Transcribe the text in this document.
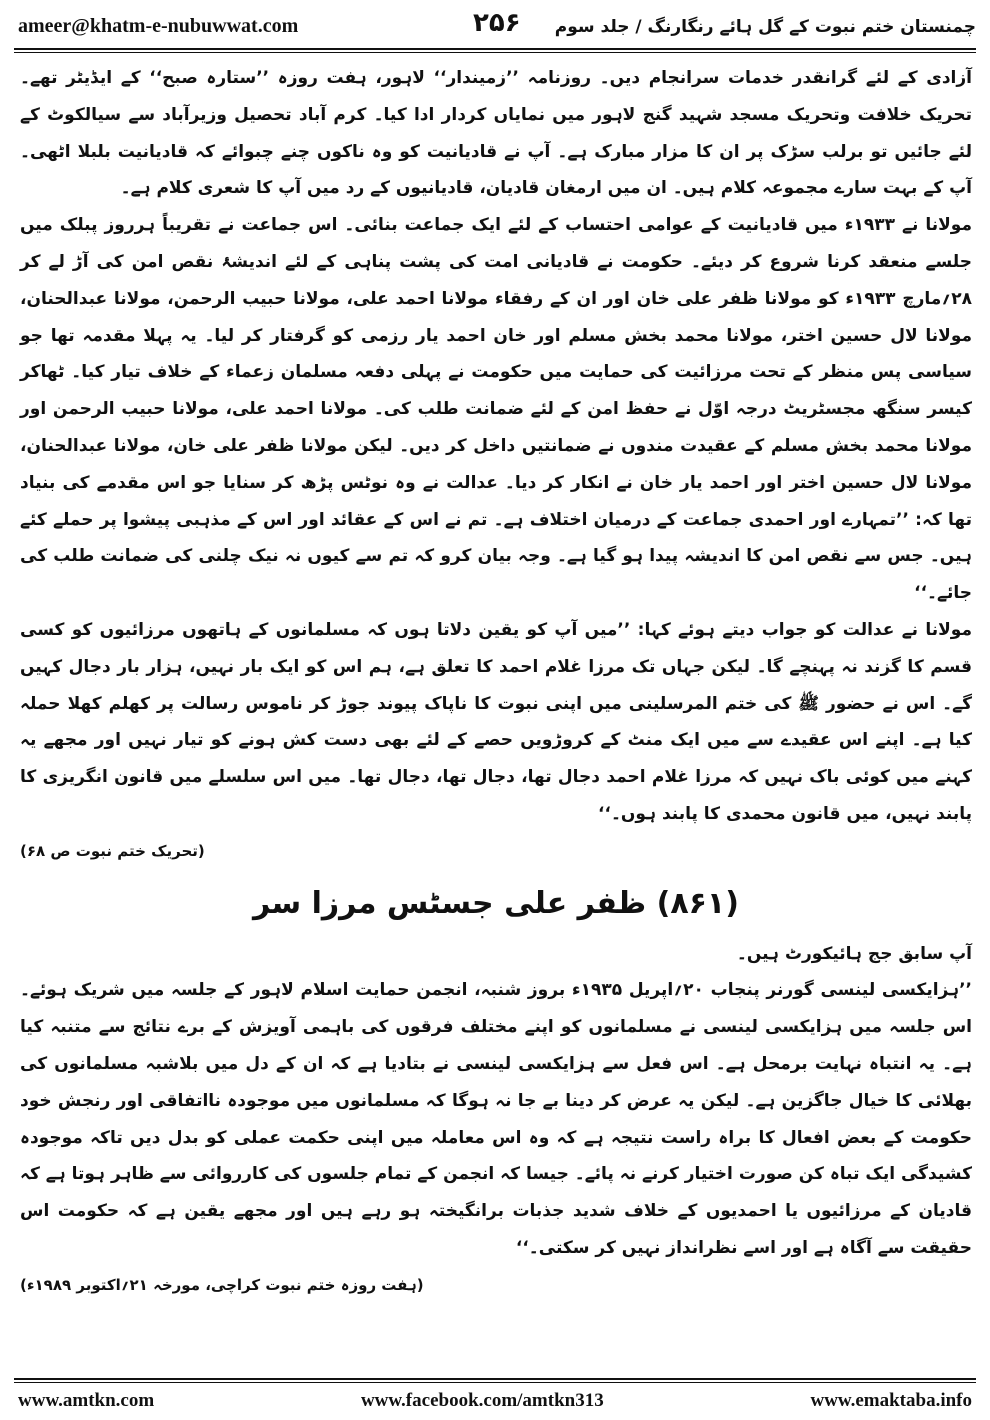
ameer@khatm-e-nubuwwat.com	۲۵۶ چمنستان ختم نبوت کے گل ہائے رنگارنگ / جلد سوم

آزادی کے لئے گرانقدر خدمات سرانجام دیں۔ روزنامہ ’’زمیندار‘‘ لاہور، ہفت روزہ ’’ستارہ صبح‘‘ کے ایڈیٹر تھے۔ تحریک خلافت وتحریک مسجد شہید گنج لاہور میں نمایاں کردار ادا کیا۔ کرم آباد تحصیل وزیرآباد سے سیالکوٹ کے لئے جائیں تو برلب سڑک پر ان کا مزار مبارک ہے۔ آپ نے قادیانیت کو وہ ناکوں چنے چبوائے کہ قادیانیت بلبلا اٹھی۔ آپ کے بہت سارے مجموعہ کلام ہیں۔ ان میں ارمغان قادیان، قادیانیوں کے رد میں آپ کا شعری کلام ہے۔

مولانا نے ۱۹۳۳ء میں قادیانیت کے عوامی احتساب کے لئے ایک جماعت بنائی۔ اس جماعت نے تقریباً ہرروز پبلک میں جلسے منعقد کرنا شروع کر دیئے۔ حکومت نے قادیانی امت کی پشت پناہی کے لئے اندیشۂ نقص امن کی آڑ لے کر ۲۸؍مارچ ۱۹۳۳ء کو مولانا ظفر علی خان اور ان کے رفقاء مولانا احمد علی، مولانا حبیب الرحمن، مولانا عبدالحنان، مولانا لال حسین اختر، مولانا محمد بخش مسلم اور خان احمد یار رزمی کو گرفتار کر لیا۔ یہ پہلا مقدمہ تھا جو سیاسی پس منظر کے تحت مرزائیت کی حمایت میں حکومت نے پہلی دفعہ مسلمان زعماء کے خلاف تیار کیا۔ ٹھاکر کیسر سنگھ مجسٹریٹ درجہ اوّل نے حفظ امن کے لئے ضمانت طلب کی۔ مولانا احمد علی، مولانا حبیب الرحمن اور مولانا محمد بخش مسلم کے عقیدت مندوں نے ضمانتیں داخل کر دیں۔ لیکن مولانا ظفر علی خان، مولانا عبدالحنان، مولانا لال حسین اختر اور احمد یار خان نے انکار کر دیا۔ عدالت نے وہ نوٹس پڑھ کر سنایا جو اس مقدمے کی بنیاد تھا کہ: ’’تمہارے اور احمدی جماعت کے درمیان اختلاف ہے۔ تم نے اس کے عقائد اور اس کے مذہبی پیشوا پر حملے کئے ہیں۔ جس سے نقص امن کا اندیشہ پیدا ہو گیا ہے۔ وجہ بیان کرو کہ تم سے کیوں نہ نیک چلنی کی ضمانت طلب کی جائے۔‘‘

مولانا نے عدالت کو جواب دیتے ہوئے کہا: ’’میں آپ کو یقین دلاتا ہوں کہ مسلمانوں کے ہاتھوں مرزائیوں کو کسی قسم کا گزند نہ پہنچے گا۔ لیکن جہاں تک مرزا غلام احمد کا تعلق ہے، ہم اس کو ایک بار نہیں، ہزار بار دجال کہیں گے۔ اس نے حضور ﷺ کی ختم المرسلینی میں اپنی نبوت کا ناپاک پیوند جوڑ کر ناموس رسالت پر کھلم کھلا حملہ کیا ہے۔ اپنے اس عقیدے سے میں ایک منٹ کے کروڑویں حصے کے لئے بھی دست کش ہونے کو تیار نہیں اور مجھے یہ کہنے میں کوئی باک نہیں کہ مرزا غلام احمد دجال تھا، دجال تھا، دجال تھا۔ میں اس سلسلے میں قانون انگریزی کا پابند نہیں، میں قانون محمدی کا پابند ہوں۔‘‘

(تحریک ختم نبوت ص ۶۸)
(۸۶۱) ظفر علی جسٹس مرزا سر

آپ سابق جج ہائیکورٹ ہیں۔

’’ہزایکسی لینسی گورنر پنجاب ۲۰؍اپریل ۱۹۳۵ء بروز شنبہ، انجمن حمایت اسلام لاہور کے جلسہ میں شریک ہوئے۔ اس جلسہ میں ہزایکسی لینسی نے مسلمانوں کو اپنے مختلف فرقوں کی باہمی آویزش کے برے نتائج سے متنبہ کیا ہے۔ یہ انتباہ نہایت برمحل ہے۔ اس فعل سے ہزایکسی لینسی نے بتادیا ہے کہ ان کے دل میں بلاشبہ مسلمانوں کی بھلائی کا خیال جاگزین ہے۔ لیکن یہ عرض کر دینا بے جا نہ ہوگا کہ مسلمانوں میں موجودہ نااتفاقی اور رنجش خود حکومت کے بعض افعال کا براہ راست نتیجہ ہے کہ وہ اس معاملہ میں اپنی حکمت عملی کو بدل دیں تاکہ موجودہ کشیدگی ایک تباہ کن صورت اختیار کرنے نہ پائے۔ جیسا کہ انجمن کے تمام جلسوں کی کارروائی سے ظاہر ہوتا ہے کہ قادیان کے مرزائیوں یا احمدیوں کے خلاف شدید جذبات برانگیختہ ہو رہے ہیں اور مجھے یقین ہے کہ حکومت اس حقیقت سے آگاہ ہے اور اسے نظرانداز نہیں کر سکتی۔‘‘

(ہفت روزہ ختم نبوت کراچی، مورخہ ۲۱؍اکتوبر ۱۹۸۹ء)
www.amtkn.com	www.facebook.com/amtkn313	www.emaktaba.info
